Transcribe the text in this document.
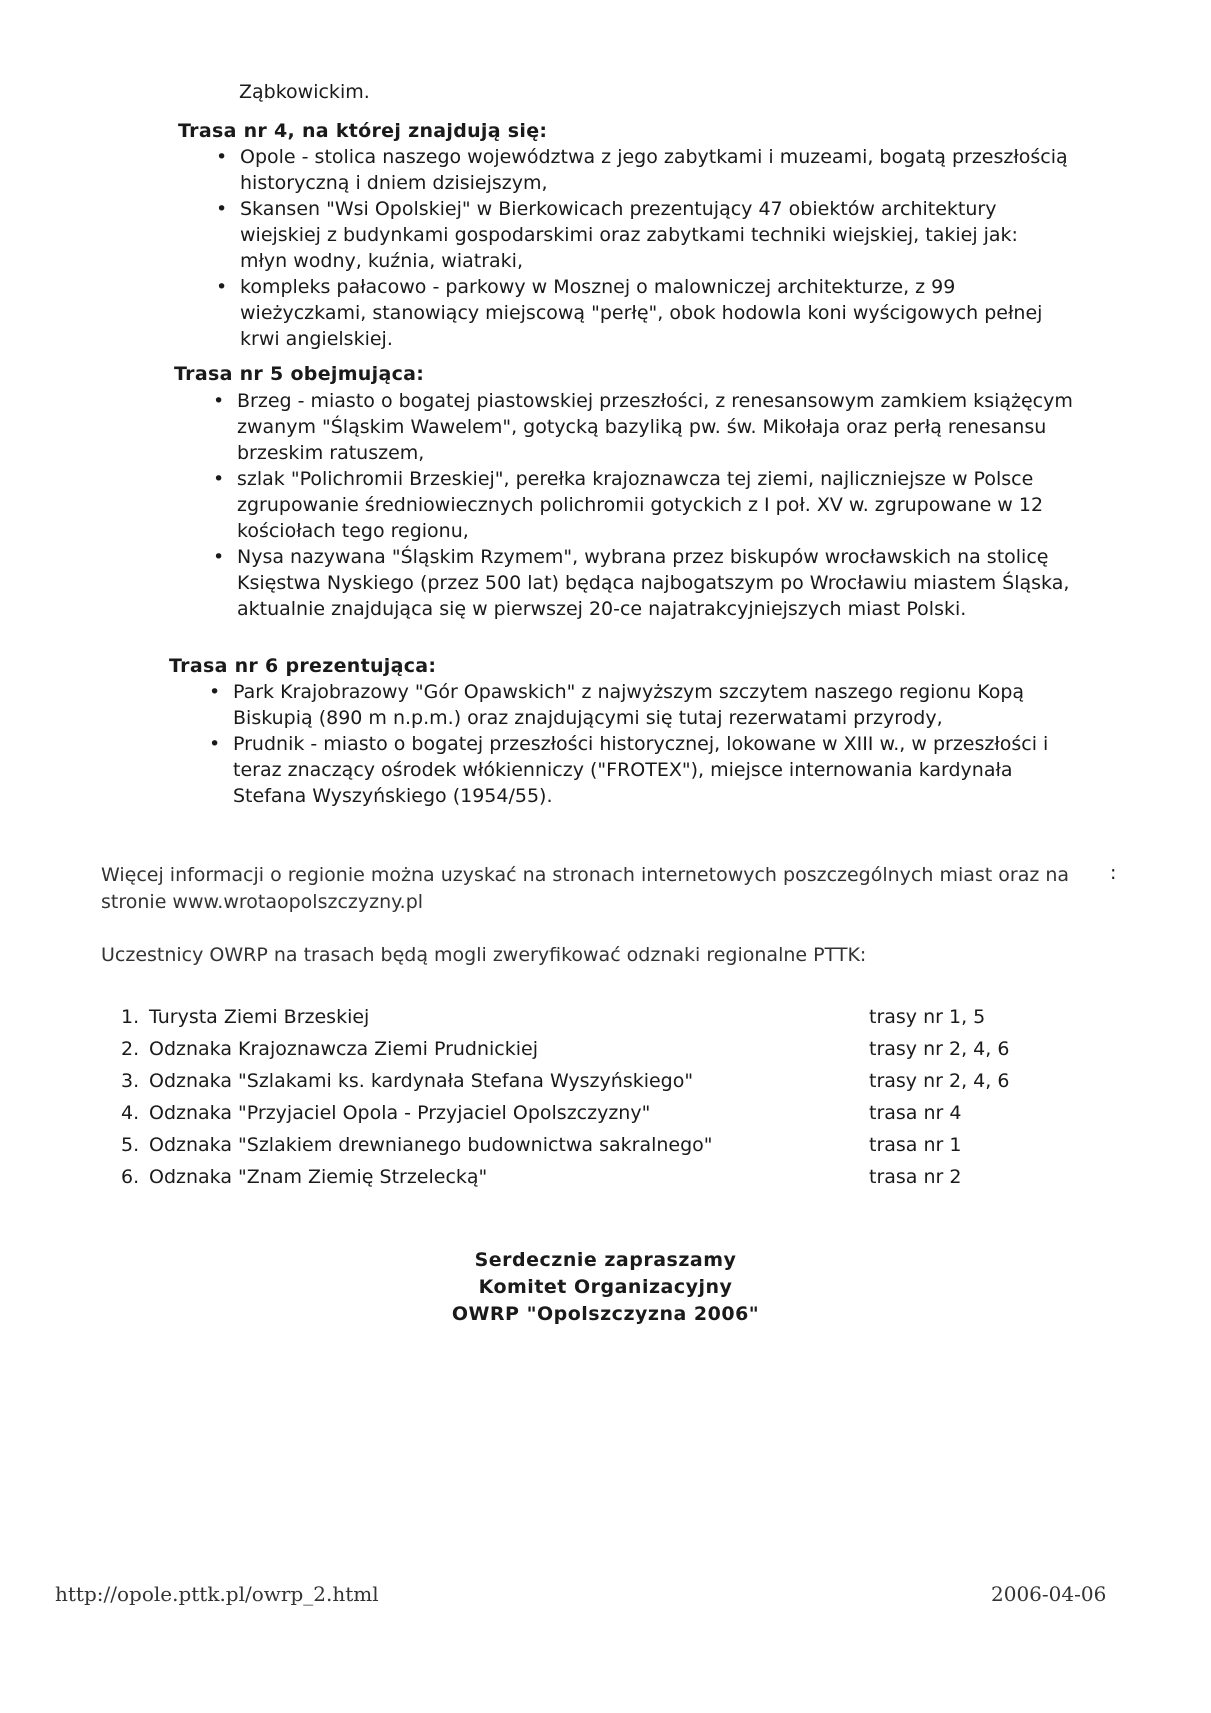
Ząbkowickim.
Trasa nr 4, na której znajdują się:
• Opole - stolica naszego województwa z jego zabytkami i muzeami, bogatą przeszłością historyczną i dniem dzisiejszym,
• Skansen "Wsi Opolskiej" w Bierkowicach prezentujący 47 obiektów architektury wiejskiej z budynkami gospodarskimi oraz zabytkami techniki wiejskiej, takiej jak: młyn wodny, kuźnia, wiatraki,
• kompleks pałacowo - parkowy w Mosznej o malowniczej architekturze, z 99 wieżyczkami, stanowiący miejscową "perłę", obok hodowla koni wyścigowych pełnej krwi angielskiej.
Trasa nr 5 obejmująca:
• Brzeg - miasto o bogatej piastowskiej przeszłości, z renesansowym zamkiem książęcym zwanym "Śląskim Wawelem", gotycką bazyliką pw. św. Mikołaja oraz perłą renesansu brzeskim ratuszem,
• szlak "Polichromii Brzeskiej", perełka krajoznawcza tej ziemi, najliczniejsze w Polsce zgrupowanie średniowiecznych polichromii gotyckich z I poł. XV w. zgrupowane w 12 kościołach tego regionu,
• Nysa nazywana "Śląskim Rzymem", wybrana przez biskupów wrocławskich na stolicę Księstwa Nyskiego (przez 500 lat) będąca najbogatszym po Wrocławiu miastem Śląska, aktualnie znajdująca się w pierwszej 20-ce najatrakcyjniejszych miast Polski.
Trasa nr 6 prezentująca:
• Park Krajobrazowy "Gór Opawskich" z najwyższym szczytem naszego regionu Kopą Biskupią (890 m n.p.m.) oraz znajdującymi się tutaj rezerwatami przyrody,
• Prudnik - miasto o bogatej przeszłości historycznej, lokowane w XIII w., w przeszłości i teraz znaczący ośrodek włókienniczy ("FROTEX"), miejsce internowania kardynała Stefana Wyszyńskiego (1954/55).
Więcej informacji o regionie można uzyskać na stronach internetowych poszczególnych miast oraz na stronie www.wrotaopolszczyzny.pl
:
Uczestnicy OWRP na trasach będą mogli zweryfikować odznaki regionalne PTTK:
1. Turysta Ziemi Brzeskiej	trasy nr 1, 5
2. Odznaka Krajoznawcza Ziemi Prudnickiej	trasy nr 2, 4, 6
3. Odznaka "Szlakami ks. kardynała Stefana Wyszyńskiego"	trasy nr 2, 4, 6
4. Odznaka "Przyjaciel Opola - Przyjaciel Opolszczyzny"	trasa nr 4
5. Odznaka "Szlakiem drewnianego budownictwa sakralnego"	trasa nr 1
6. Odznaka "Znam Ziemię Strzelecką"	trasa nr 2
Serdecznie zapraszamy
Komitet Organizacyjny
OWRP "Opolszczyzna 2006"
http://opole.pttk.pl/owrp_2.html	2006-04-06
